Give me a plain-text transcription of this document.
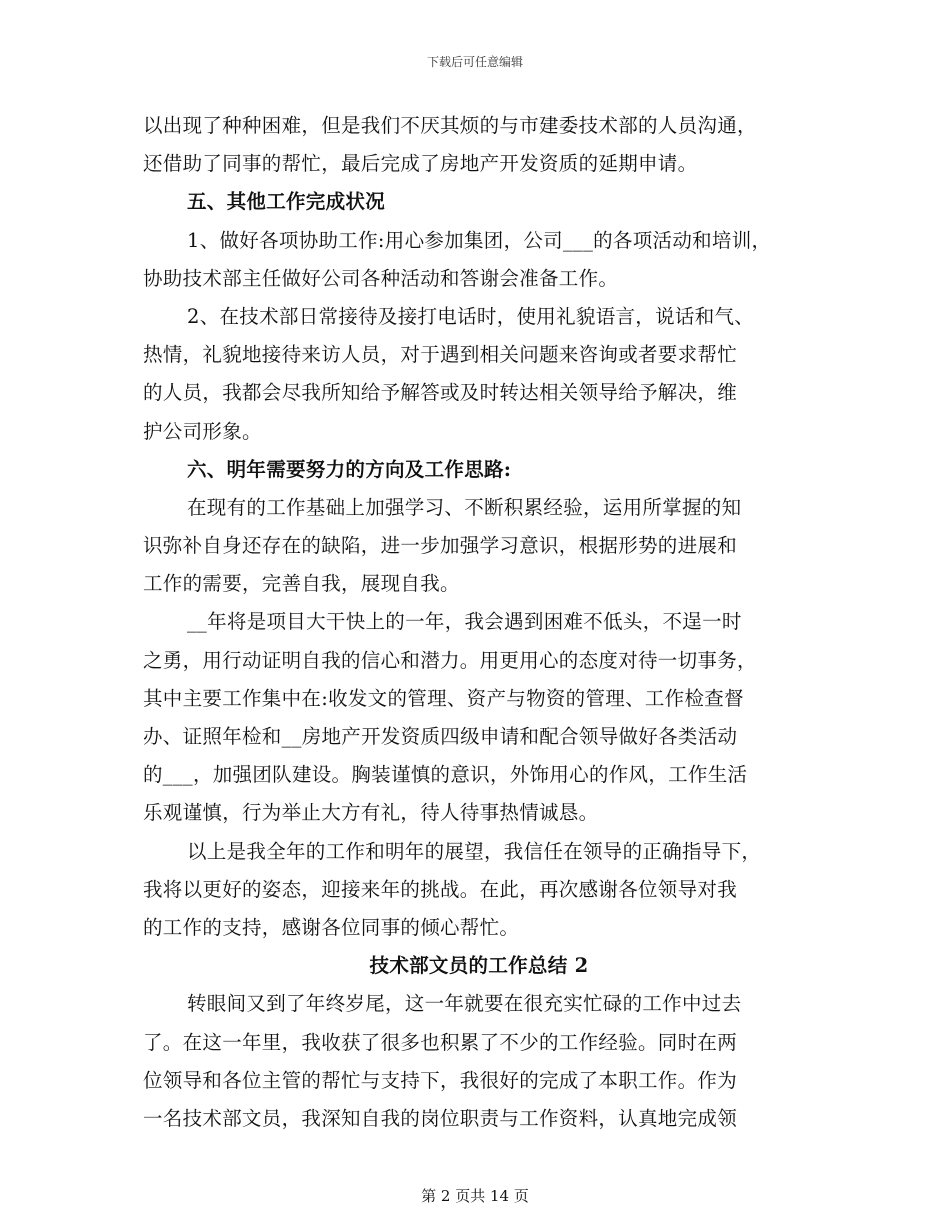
下载后可任意编辑
以出现了种种困难，但是我们不厌其烦的与市建委技术部的人员沟通，
还借助了同事的帮忙，最后完成了房地产开发资质的延期申请。
五、其他工作完成状况
1、做好各项协助工作:用心参加集团，公司___的各项活动和培训，
协助技术部主任做好公司各种活动和答谢会准备工作。
2、在技术部日常接待及接打电话时，使用礼貌语言，说话和气、
热情，礼貌地接待来访人员，对于遇到相关问题来咨询或者要求帮忙
的人员，我都会尽我所知给予解答或及时转达相关领导给予解决，维
护公司形象。
六、明年需要努力的方向及工作思路:
在现有的工作基础上加强学习、不断积累经验，运用所掌握的知
识弥补自身还存在的缺陷，进一步加强学习意识，根据形势的进展和
工作的需要，完善自我，展现自我。
__年将是项目大干快上的一年，我会遇到困难不低头，不逞一时
之勇，用行动证明自我的信心和潜力。用更用心的态度对待一切事务，
其中主要工作集中在:收发文的管理、资产与物资的管理、工作检查督
办、证照年检和__房地产开发资质四级申请和配合领导做好各类活动
的___，加强团队建设。胸装谨慎的意识，外饰用心的作风，工作生活
乐观谨慎，行为举止大方有礼，待人待事热情诚恳。
以上是我全年的工作和明年的展望，我信任在领导的正确指导下，
我将以更好的姿态，迎接来年的挑战。在此，再次感谢各位领导对我
的工作的支持，感谢各位同事的倾心帮忙。
技术部文员的工作总结 2
转眼间又到了年终岁尾，这一年就要在很充实忙碌的工作中过去
了。在这一年里，我收获了很多也积累了不少的工作经验。同时在两
位领导和各位主管的帮忙与支持下，我很好的完成了本职工作。作为
一名技术部文员，我深知自我的岗位职责与工作资料，认真地完成领
第 2 页共 14 页
